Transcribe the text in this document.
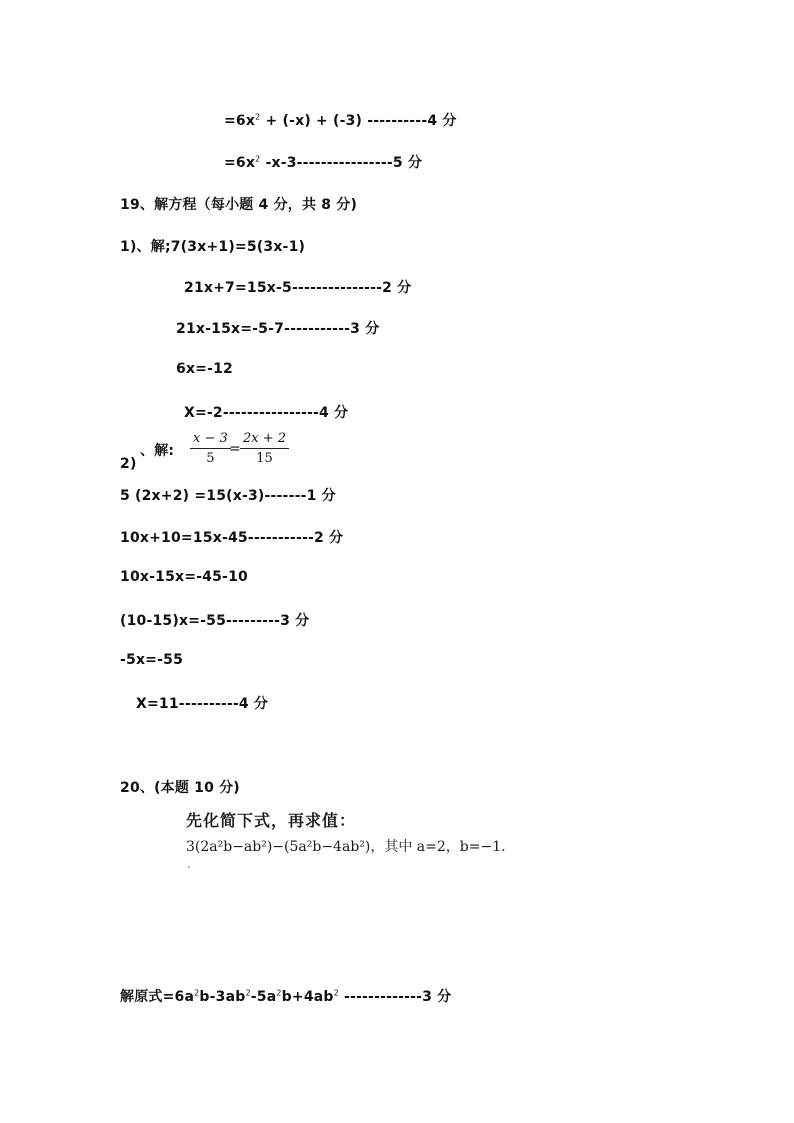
$=6x^2 + (-x) + (-3)$ ----------4 分
$=6x^2$ -x-3----------------5 分
19、解方程（每小题 4 分，共 8 分)
1)、解;7(3x+1)=5(3x-1)
21x+7=15x-5---------------2 分
21x-15x=-5-7-----------3 分
6x=-12
X=-2----------------4 分
、解:
x − 3
5
=
2x + 2
15
2)
5 (2x+2) =15(x-3)-------1 分
10x+10=15x-45-----------2 分
10x-15x=-45-10
(10-15)x=-55---------3 分
-5x=-55
X=11----------4 分
20、(本题 10 分)
先化简下式，再求值：
3(2a²b−ab²)−(5a²b−4ab²)，其中 a=2，b=−1.
解原式$=6a^2b-3ab^2-5a^2b+4ab^2$ -------------3 分
